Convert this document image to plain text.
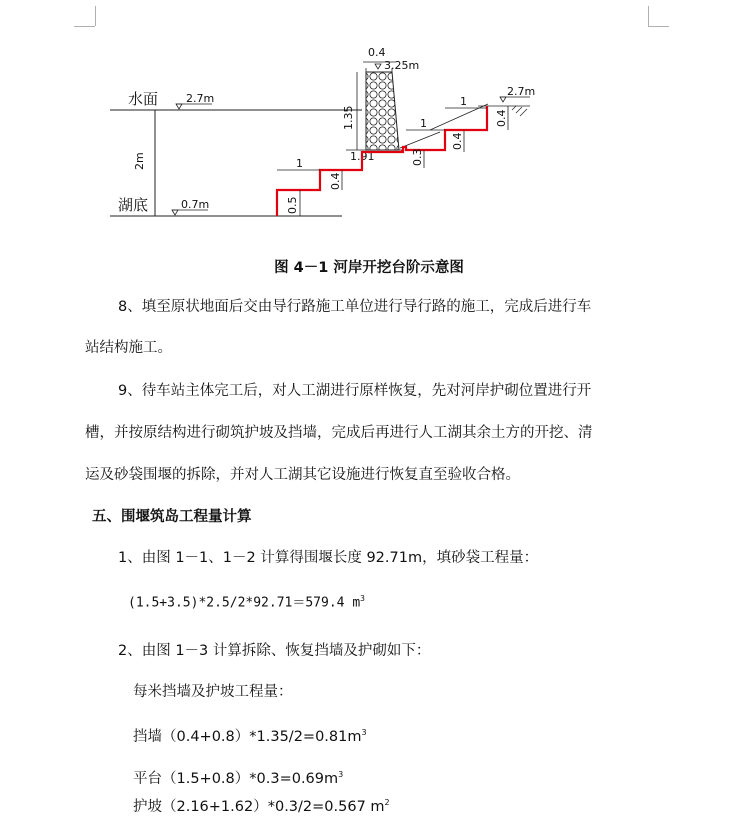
2m
水面
湖底
2.7m
0.7m
0.4
3.25m
1.35
1.91
2.7m
0.5
1
0.4
0.3
1
0.4
1
0.4
图 4－1 河岸开挖台阶示意图
8、填至原状地面后交由导行路施工单位进行导行路的施工，完成后进行车
站结构施工。
9、待车站主体完工后，对人工湖进行原样恢复，先对河岸护砌位置进行开
槽，并按原结构进行砌筑护坡及挡墙，完成后再进行人工湖其余土方的开挖、清
运及砂袋围堰的拆除，并对人工湖其它设施进行恢复直至验收合格。
五、围堰筑岛工程量计算
1、由图 1－1、1－2 计算得围堰长度 92.71m，填砂袋工程量：
(1.5+3.5)*2.5/2*92.71＝579.4 $m^3$
2、由图 1－3 计算拆除、恢复挡墙及护砌如下：
每米挡墙及护坡工程量：
挡墙$(0.4+0.8)*1.35/2=0.81m^3$
平台$(1.5+0.8)*0.3=0.69m^3$
护坡（2.16+1.62）*0.3/2=0.567 $m^2$
